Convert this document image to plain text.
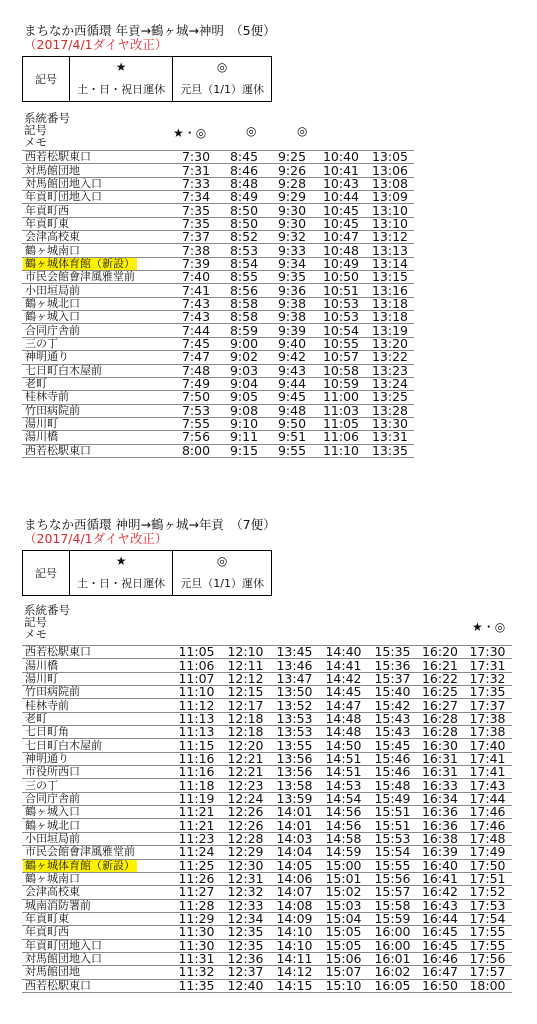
まちなか西循環 年貢→鶴ヶ城→神明　（5便）
（2017/4/1ダイヤ改正）
記号	★	◎
	土・日・祝日運休	元旦（1/1）運休
系統番号
記号
メモ
★・◎	◎	◎
西若松駅東口	7:30	8:45	9:25	10:40	13:05
対馬館団地	7:31	8:46	9:26	10:41	13:06
対馬館団地入口	7:33	8:48	9:28	10:43	13:08
年貢町団地入口	7:34	8:49	9:29	10:44	13:09
年貢町西	7:35	8:50	9:30	10:45	13:10
年貢町東	7:35	8:50	9:30	10:45	13:10
会津高校東	7:37	8:52	9:32	10:47	13:12
鶴ヶ城南口	7:38	8:53	9:33	10:48	13:13
鶴ヶ城体育館（新設）	7:39	8:54	9:34	10:49	13:14
市民会館會津風雅堂前	7:40	8:55	9:35	10:50	13:15
小田垣局前	7:41	8:56	9:36	10:51	13:16
鶴ヶ城北口	7:43	8:58	9:38	10:53	13:18
鶴ヶ城入口	7:43	8:58	9:38	10:53	13:18
合同庁舎前	7:44	8:59	9:39	10:54	13:19
三の丁	7:45	9:00	9:40	10:55	13:20
神明通り	7:47	9:02	9:42	10:57	13:22
七日町白木屋前	7:48	9:03	9:43	10:58	13:23
老町	7:49	9:04	9:44	10:59	13:24
桂林寺前	7:50	9:05	9:45	11:00	13:25
竹田病院前	7:53	9:08	9:48	11:03	13:28
湯川町	7:55	9:10	9:50	11:05	13:30
湯川橋	7:56	9:11	9:51	11:06	13:31
西若松駅東口	8:00	9:15	9:55	11:10	13:35
まちなか西循環 神明→鶴ヶ城→年貢　（7便）
（2017/4/1ダイヤ改正）
記号	★	◎
	土・日・祝日運休	元旦（1/1）運休
系統番号
記号
メモ	★・◎
西若松駅東口	11:05	12:10	13:45	14:40	15:35	16:20	17:30
湯川橋	11:06	12:11	13:46	14:41	15:36	16:21	17:31
湯川町	11:07	12:12	13:47	14:42	15:37	16:22	17:32
竹田病院前	11:10	12:15	13:50	14:45	15:40	16:25	17:35
桂林寺前	11:12	12:17	13:52	14:47	15:42	16:27	17:37
老町	11:13	12:18	13:53	14:48	15:43	16:28	17:38
七日町角	11:13	12:18	13:53	14:48	15:43	16:28	17:38
七日町白木屋前	11:15	12:20	13:55	14:50	15:45	16:30	17:40
神明通り	11:16	12:21	13:56	14:51	15:46	16:31	17:41
市役所西口	11:16	12:21	13:56	14:51	15:46	16:31	17:41
三の丁	11:18	12:23	13:58	14:53	15:48	16:33	17:43
合同庁舎前	11:19	12:24	13:59	14:54	15:49	16:34	17:44
鶴ヶ城入口	11:21	12:26	14:01	14:56	15:51	16:36	17:46
鶴ヶ城北口	11:21	12:26	14:01	14:56	15:51	16:36	17:46
小田垣局前	11:23	12:28	14:03	14:58	15:53	16:38	17:48
市民会館會津風雅堂前	11:24	12:29	14:04	14:59	15:54	16:39	17:49
鶴ヶ城体育館（新設）	11:25	12:30	14:05	15:00	15:55	16:40	17:50
鶴ヶ城南口	11:26	12:31	14:06	15:01	15:56	16:41	17:51
会津高校東	11:27	12:32	14:07	15:02	15:57	16:42	17:52
城南消防署前	11:28	12:33	14:08	15:03	15:58	16:43	17:53
年貢町東	11:29	12:34	14:09	15:04	15:59	16:44	17:54
年貢町西	11:30	12:35	14:10	15:05	16:00	16:45	17:55
年貢町団地入口	11:30	12:35	14:10	15:05	16:00	16:45	17:55
対馬館団地入口	11:31	12:36	14:11	15:06	16:01	16:46	17:56
対馬館団地	11:32	12:37	14:12	15:07	16:02	16:47	17:57
西若松駅東口	11:35	12:40	14:15	15:10	16:05	16:50	18:00
